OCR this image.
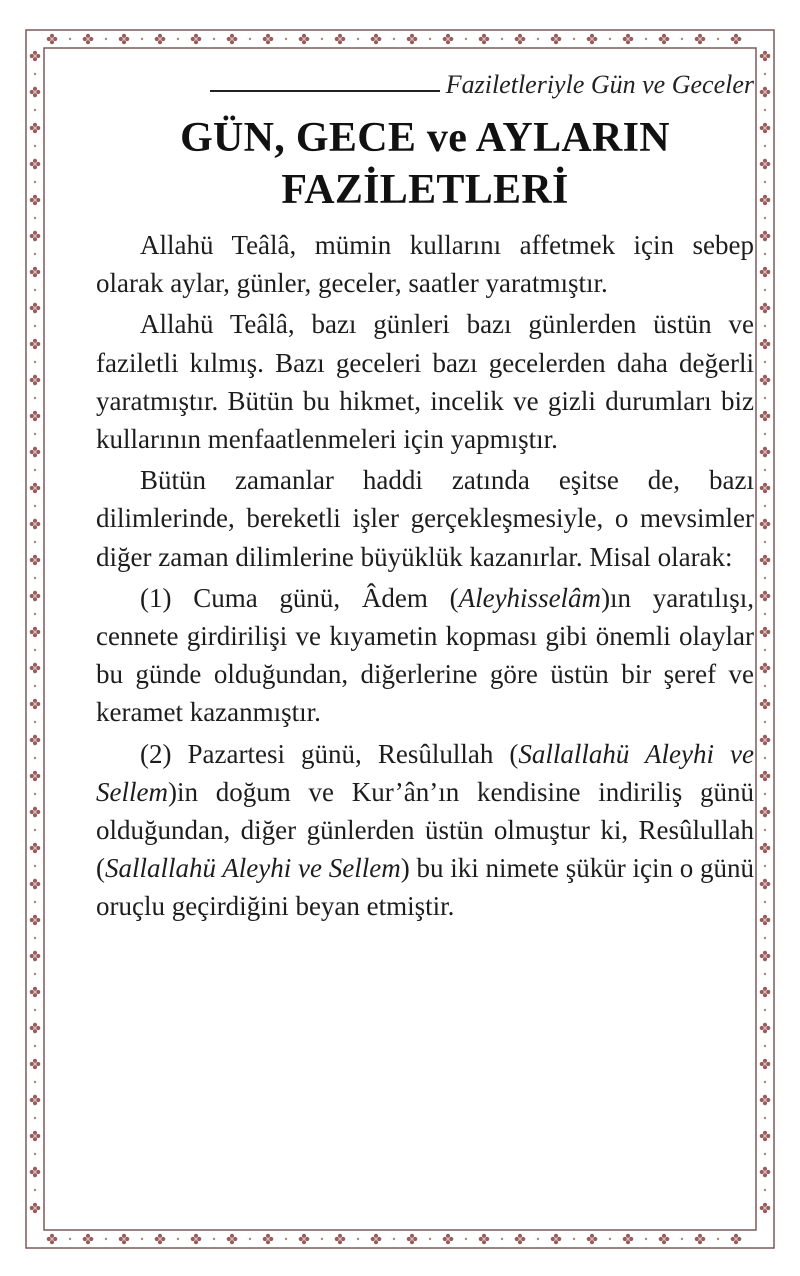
Faziletleriyle Gün ve Geceler
GÜN, GECE ve AYLARIN
FAZİLETLERİ

Allahü Teâlâ, mümin kullarını affetmek için sebep olarak aylar, günler, geceler, saatler yaratmıştır.

Allahü Teâlâ, bazı günleri bazı günlerden üstün ve faziletli kılmış. Bazı geceleri bazı gecelerden daha değerli yaratmıştır. Bütün bu hikmet, incelik ve gizli durumları biz kullarının menfaatlenmeleri için yapmıştır.

Bütün zamanlar haddi zatında eşitse de, bazı dilimlerinde, bereketli işler gerçekleşmesiyle, o mevsimler diğer zaman dilimlerine büyüklük kazanırlar. Misal olarak:

(1) Cuma günü, Âdem (Aleyhisselâm)ın yaratılışı, cennete girdirilişi ve kıyametin kopması gibi önemli olaylar bu günde olduğundan, diğerlerine göre üstün bir şeref ve keramet kazanmıştır.

(2) Pazartesi günü, Resûlullah (Sallallahü Aleyhi ve Sellem)in doğum ve Kur’ân’ın kendisine indiriliş günü olduğundan, diğer günlerden üstün olmuştur ki, Resûlullah (Sallallahü Aleyhi ve Sellem) bu iki nimete şükür için o günü oruçlu geçirdiğini beyan etmiştir.
